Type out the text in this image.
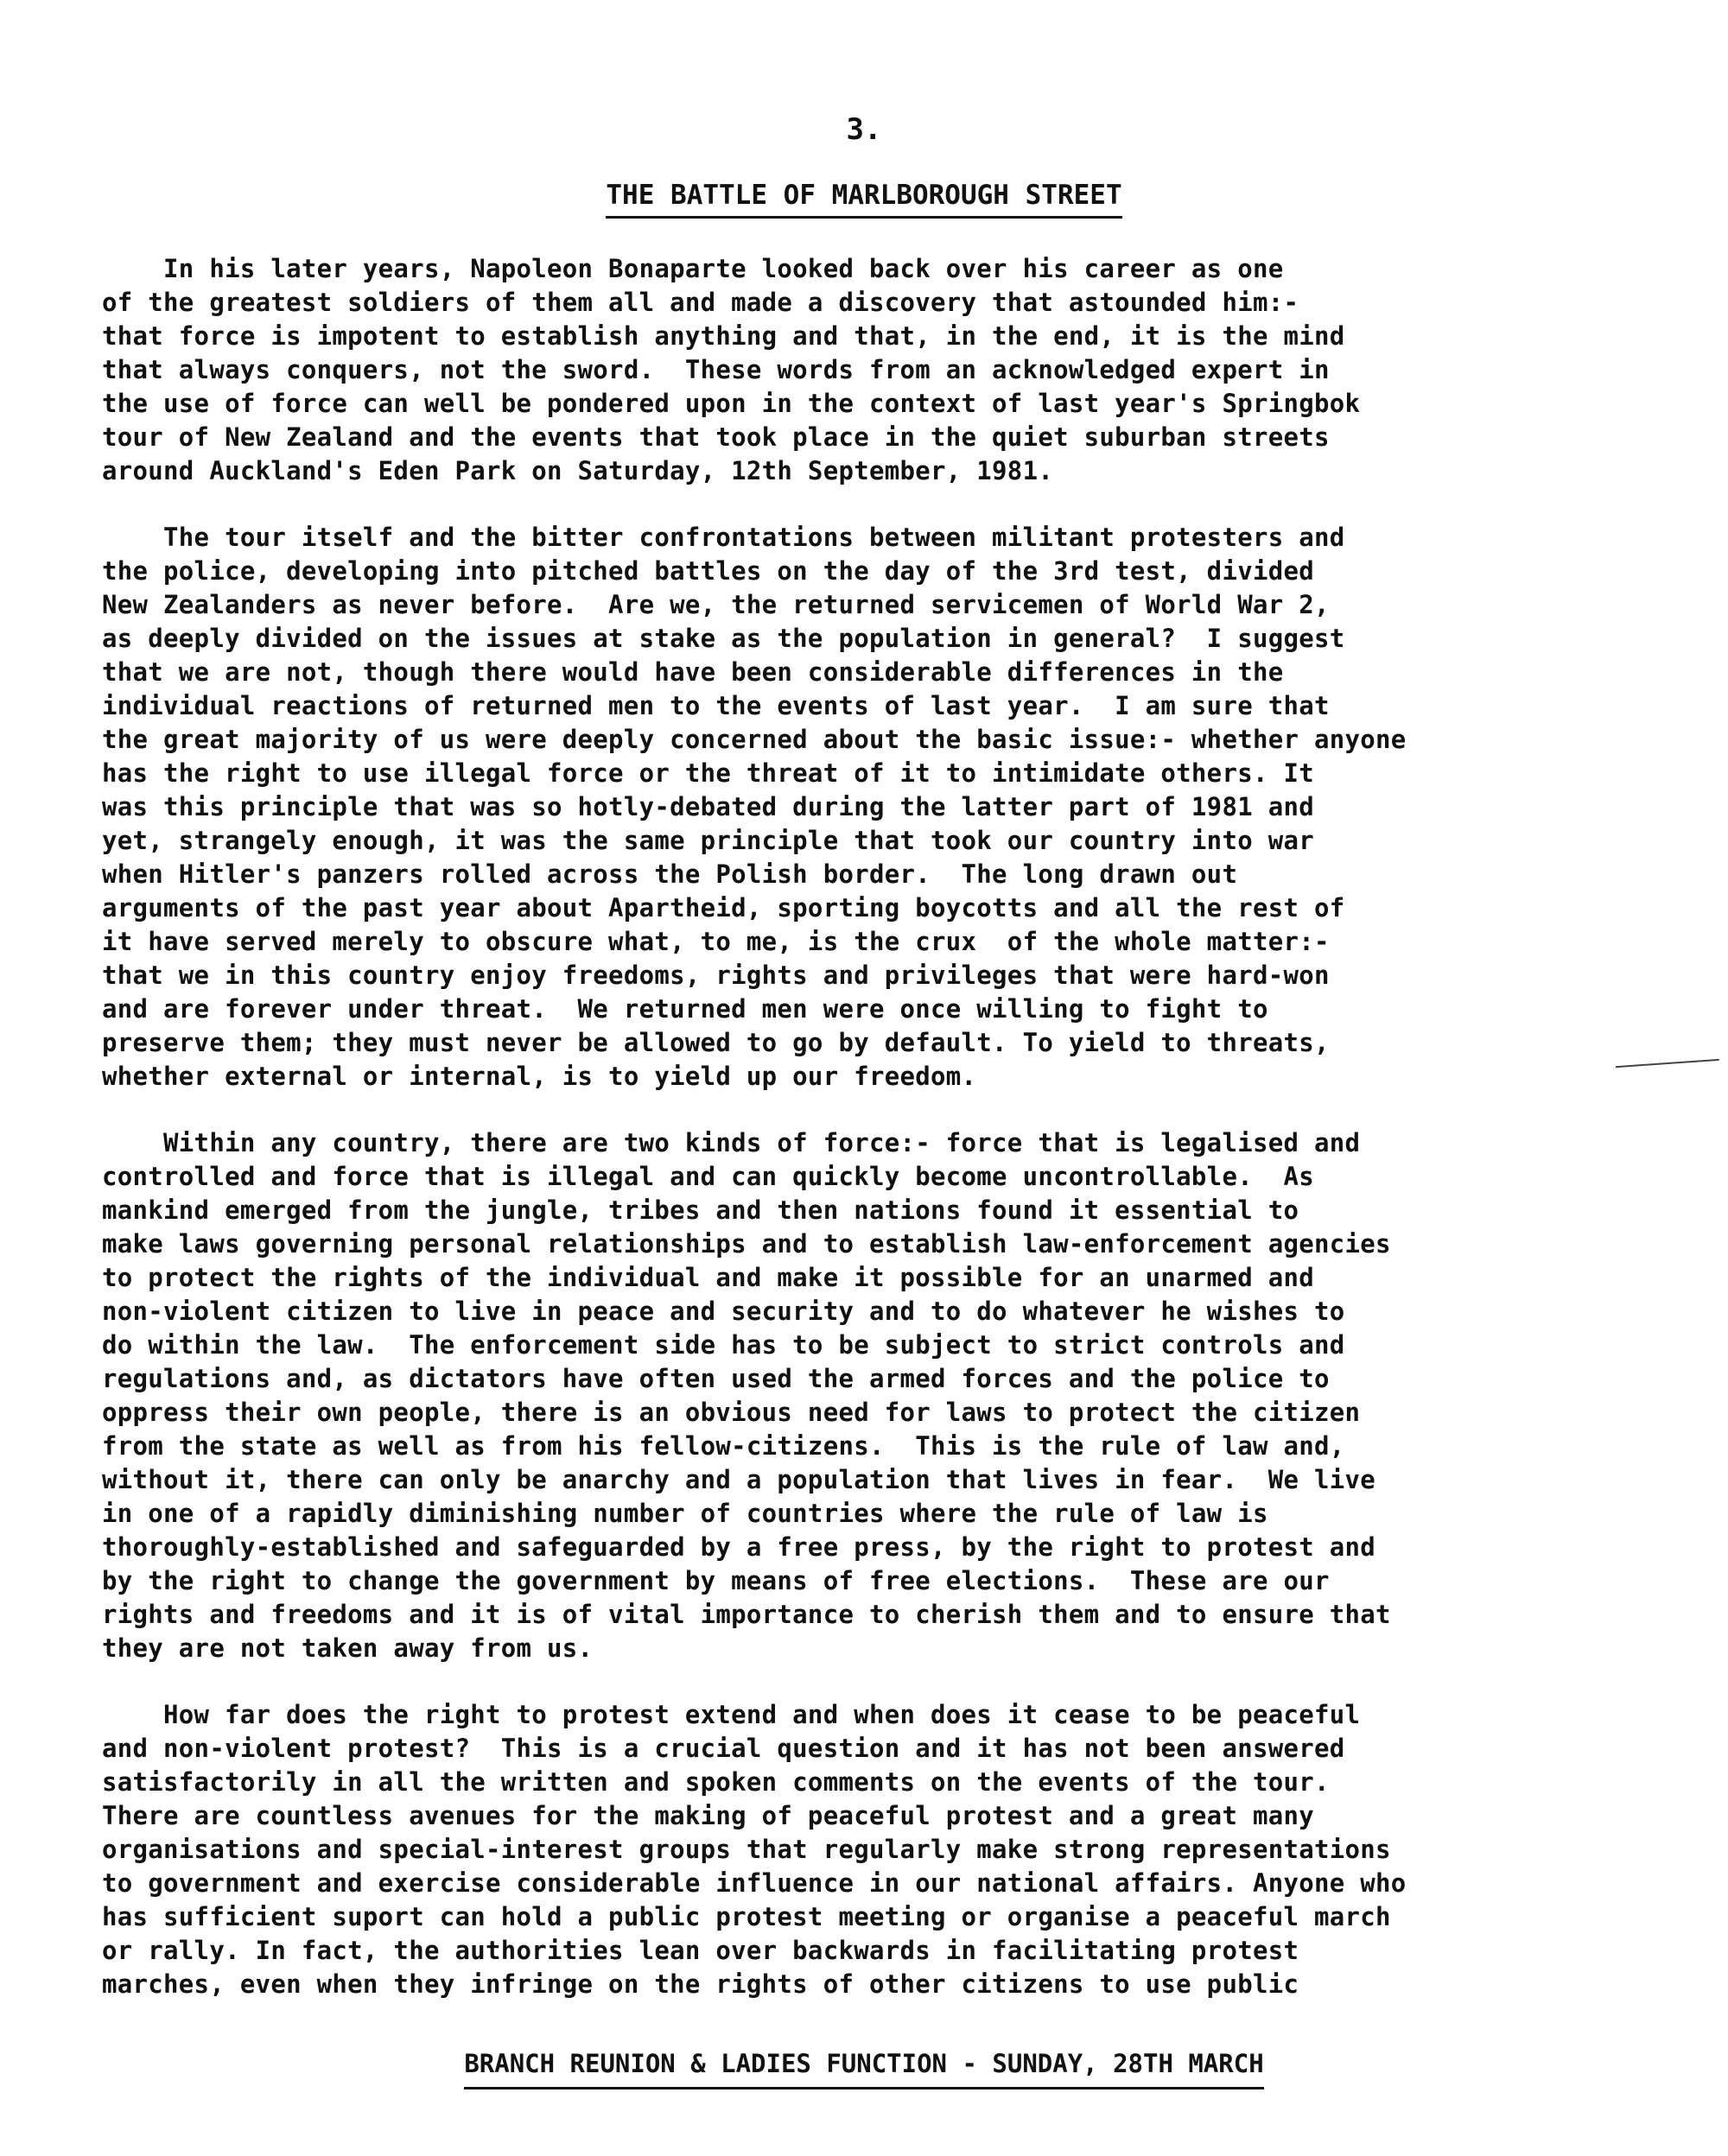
3.
THE BATTLE OF MARLBOROUGH STREET
In his later years, Napoleon Bonaparte looked back over his career as one
of the greatest soldiers of them all and made a discovery that astounded him:-
that force is impotent to establish anything and that, in the end, it is the mind
that always conquers, not the sword.  These words from an acknowledged expert in
the use of force can well be pondered upon in the context of last year's Springbok
tour of New Zealand and the events that took place in the quiet suburban streets
around Auckland's Eden Park on Saturday, 12th September, 1981.
The tour itself and the bitter confrontations between militant protesters and
the police, developing into pitched battles on the day of the 3rd test, divided
New Zealanders as never before.  Are we, the returned servicemen of World War 2,
as deeply divided on the issues at stake as the population in general?  I suggest
that we are not, though there would have been considerable differences in the
individual reactions of returned men to the events of last year.  I am sure that
the great majority of us were deeply concerned about the basic issue:- whether anyone
has the right to use illegal force or the threat of it to intimidate others. It
was this principle that was so hotly-debated during the latter part of 1981 and
yet, strangely enough, it was the same principle that took our country into war
when Hitler's panzers rolled across the Polish border.  The long drawn out
arguments of the past year about Apartheid, sporting boycotts and all the rest of
it have served merely to obscure what, to me, is the crux  of the whole matter:-
that we in this country enjoy freedoms, rights and privileges that were hard-won
and are forever under threat.  We returned men were once willing to fight to
preserve them; they must never be allowed to go by default. To yield to threats,
whether external or internal, is to yield up our freedom.
Within any country, there are two kinds of force:- force that is legalised and
controlled and force that is illegal and can quickly become uncontrollable.  As
mankind emerged from the jungle, tribes and then nations found it essential to
make laws governing personal relationships and to establish law-enforcement agencies
to protect the rights of the individual and make it possible for an unarmed and
non-violent citizen to live in peace and security and to do whatever he wishes to
do within the law.  The enforcement side has to be subject to strict controls and
regulations and, as dictators have often used the armed forces and the police to
oppress their own people, there is an obvious need for laws to protect the citizen
from the state as well as from his fellow-citizens.  This is the rule of law and,
without it, there can only be anarchy and a population that lives in fear.  We live
in one of a rapidly diminishing number of countries where the rule of law is
thoroughly-established and safeguarded by a free press, by the right to protest and
by the right to change the government by means of free elections.  These are our
rights and freedoms and it is of vital importance to cherish them and to ensure that
they are not taken away from us.
How far does the right to protest extend and when does it cease to be peaceful
and non-violent protest?  This is a crucial question and it has not been answered
satisfactorily in all the written and spoken comments on the events of the tour.
There are countless avenues for the making of peaceful protest and a great many
organisations and special-interest groups that regularly make strong representations
to government and exercise considerable influence in our national affairs. Anyone who
has sufficient suport can hold a public protest meeting or organise a peaceful march
or rally. In fact, the authorities lean over backwards in facilitating protest
marches, even when they infringe on the rights of other citizens to use public
BRANCH REUNION & LADIES FUNCTION - SUNDAY, 28TH MARCH
